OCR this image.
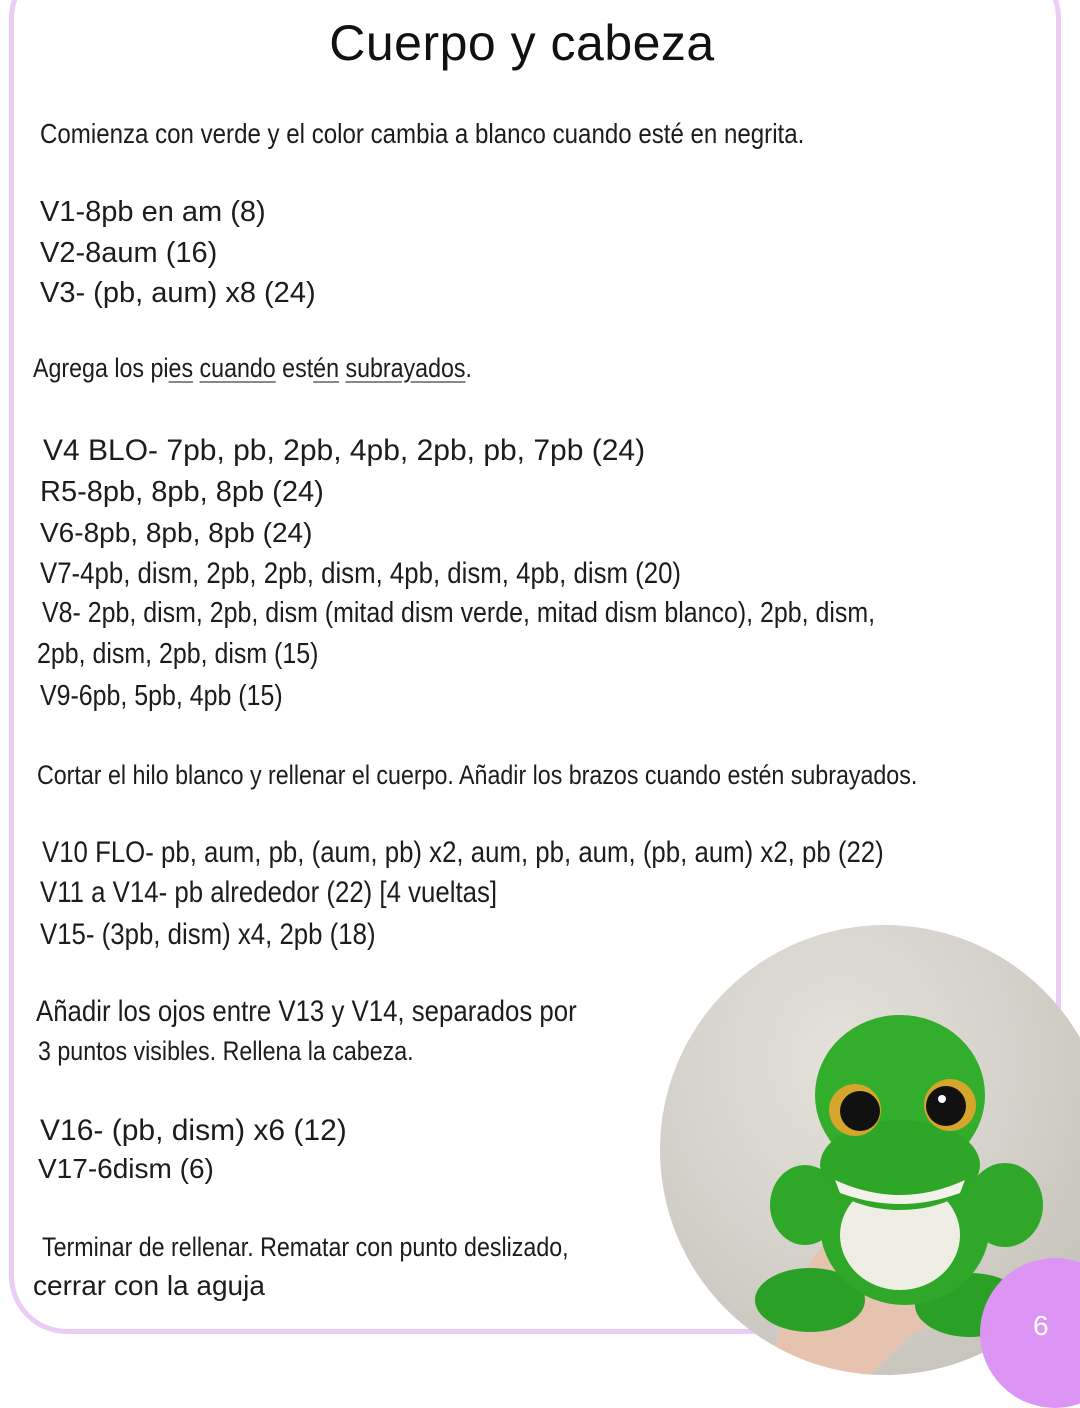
Cuerpo y cabeza
Comienza con verde y el color cambia a blanco cuando esté en negrita.
V1-8pb en am (8)
V2-8aum (16)
V3- (pb, aum) x8 (24)
Agrega los pies cuando estén subrayados.
V4 BLO- 7pb, pb, 2pb, 4pb, 2pb, pb, 7pb (24)
R5-8pb, 8pb, 8pb (24)
V6-8pb, 8pb, 8pb (24)
V7-4pb, dism, 2pb, 2pb, dism, 4pb, dism, 4pb, dism (20)
V8- 2pb, dism, 2pb, dism (mitad dism verde, mitad dism blanco), 2pb, dism,
2pb, dism, 2pb, dism (15)
V9-6pb, 5pb, 4pb (15)
Cortar el hilo blanco y rellenar el cuerpo. Añadir los brazos cuando estén subrayados.
V10 FLO- pb, aum, pb, (aum, pb) x2, aum, pb, aum, (pb, aum) x2, pb (22)
V11 a V14- pb alrededor (22) [4 vueltas]
V15- (3pb, dism) x4, 2pb (18)
Añadir los ojos entre V13 y V14, separados por
3 puntos visibles. Rellena la cabeza.
V16- (pb, dism) x6 (12)
V17-6dism (6)
Terminar de rellenar. Rematar con punto deslizado,
cerrar con la aguja
6
